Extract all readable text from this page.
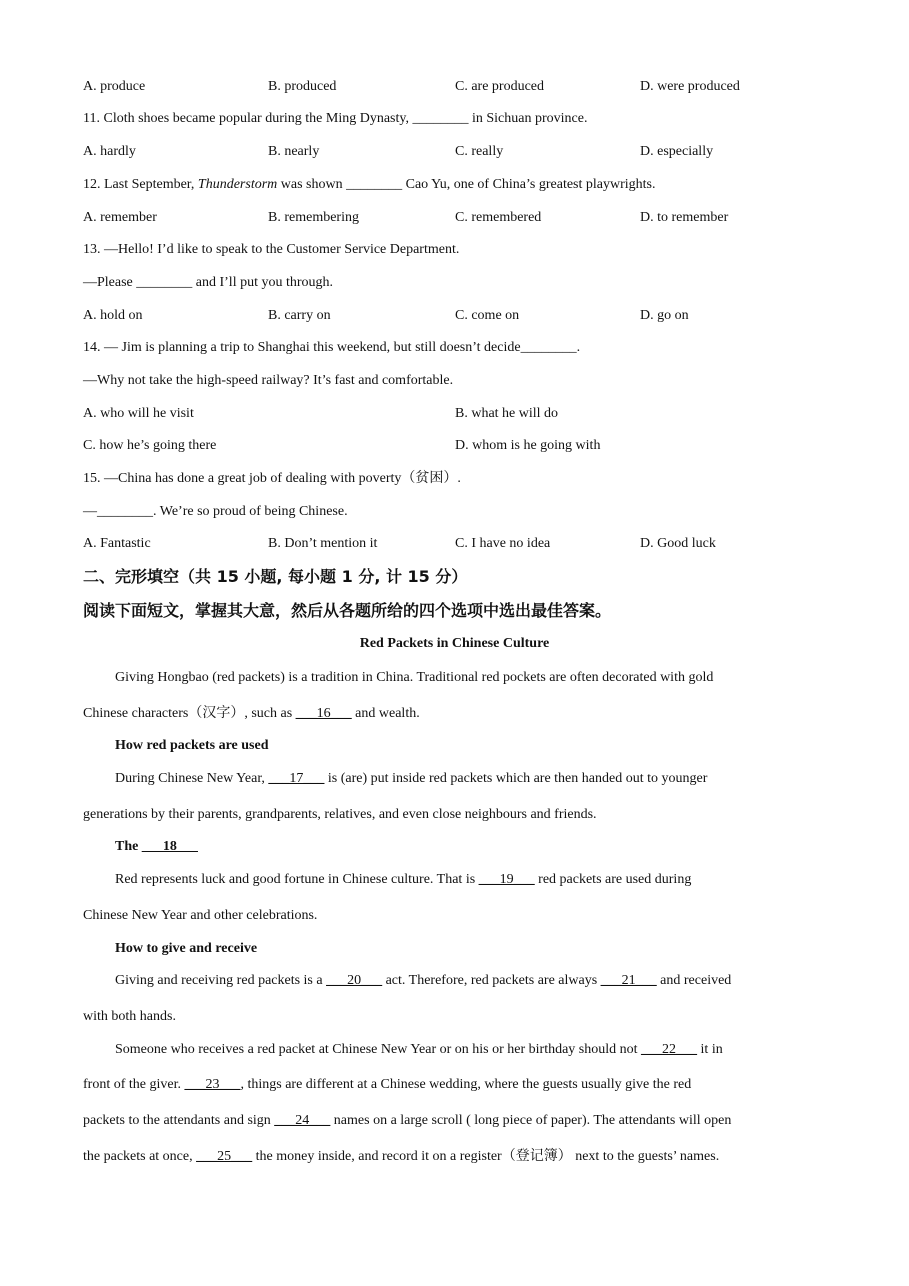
A. produce	B. produced	C. are produced	D. were produced
11. Cloth shoes became popular during the Ming Dynasty, ________ in Sichuan province.
A. hardly	B. nearly	C. really	D. especially
12. Last September, Thunderstorm was shown ________ Cao Yu, one of China’s greatest playwrights.
A. remember	B. remembering	C. remembered	D. to remember
13. —Hello! I’d like to speak to the Customer Service Department.
—Please ________ and I’ll put you through.
A. hold on	B. carry on	C. come on	D. go on
14. — Jim is planning a trip to Shanghai this weekend, but still doesn’t decide________.
—Why not take the high-speed railway? It’s fast and comfortable.
A. who will he visit	B. what he will do
C. how he’s going there	D. whom is he going with
15. —China has done a great job of dealing with poverty（贫困）.
—________. We’re so proud of being Chinese.
A. Fantastic	B. Don’t mention it	C. I have no idea	D. Good luck
二、完形填空（共 15 小题, 每小题 1 分, 计 15 分）
阅读下面短文，掌握其大意，然后从各题所给的四个选项中选出最佳答案。
Red Packets in Chinese Culture
Giving Hongbao (red packets) is a tradition in China. Traditional red pockets are often decorated with gold
Chinese characters（汉字）, such as ___16___ and wealth.
How red packets are used
During Chinese New Year, ___17___ is (are) put inside red packets which are then handed out to younger
generations by their parents, grandparents, relatives, and even close neighbours and friends.
The ___18___
Red represents luck and good fortune in Chinese culture. That is ___19___ red packets are used during
Chinese New Year and other celebrations.
How to give and receive
Giving and receiving red packets is a ___20___ act. Therefore, red packets are always ___21___ and received
with both hands.
Someone who receives a red packet at Chinese New Year or on his or her birthday should not ___22___ it in
front of the giver. ___23___, things are different at a Chinese wedding, where the guests usually give the red
packets to the attendants and sign ___24___ names on a large scroll ( long piece of paper). The attendants will open
the packets at once, ___25___ the money inside, and record it on a register（登记簿） next to the guests’ names.
